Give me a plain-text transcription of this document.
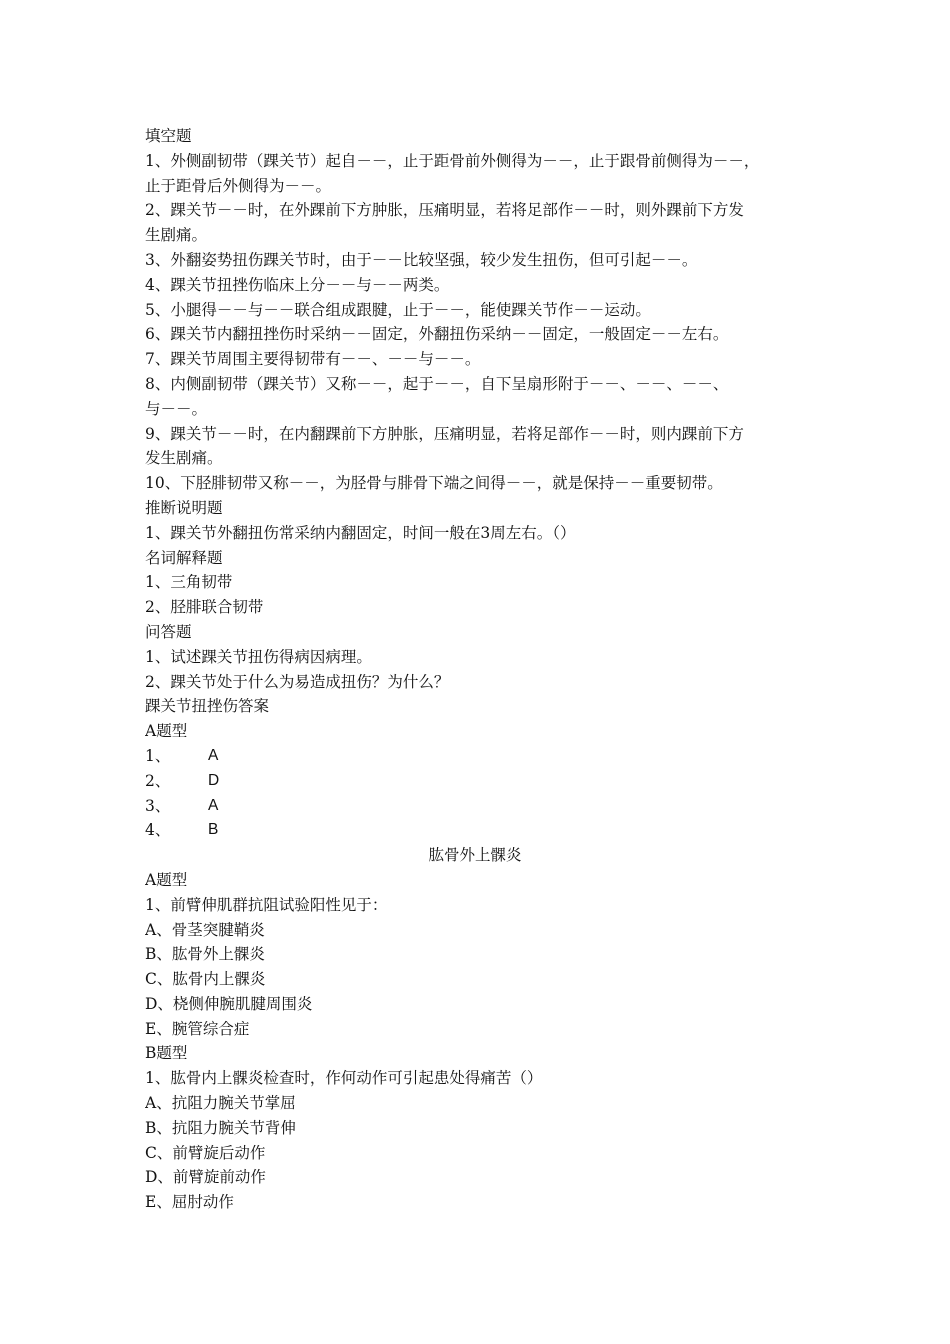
填空题
1、外侧副韧带（踝关节）起自－－，止于距骨前外侧得为－－，止于跟骨前侧得为－－，
止于距骨后外侧得为－－。
2、踝关节－－时，在外踝前下方肿胀，压痛明显，若将足部作－－时，则外踝前下方发
生剧痛。
3、外翻姿势扭伤踝关节时，由于－－比较坚强，较少发生扭伤，但可引起－－。
4、踝关节扭挫伤临床上分－－与－－两类。
5、小腿得－－与－－联合组成跟腱，止于－－，能使踝关节作－－运动。
6、踝关节内翻扭挫伤时采纳－－固定，外翻扭伤采纳－－固定，一般固定－－左右。
7、踝关节周围主要得韧带有－－、－－与－－。
8、内侧副韧带（踝关节）又称－－，起于－－，自下呈扇形附于－－、－－、－－、
与－－。
9、踝关节－－时，在内翻踝前下方肿胀，压痛明显，若将足部作－－时，则内踝前下方
发生剧痛。
10、下胫腓韧带又称－－，为胫骨与腓骨下端之间得－－，就是保持－－重要韧带。
推断说明题
1、踝关节外翻扭伤常采纳内翻固定，时间一般在3周左右。（）
名词解释题
1、三角韧带
2、胫腓联合韧带
问答题
1、试述踝关节扭伤得病因病理。
2、踝关节处于什么为易造成扭伤？为什么？
踝关节扭挫伤答案
A题型
1、	A
2、	D
3、	A
4、	B
肱骨外上髁炎
A题型
1、前臂伸肌群抗阻试验阳性见于：
A、骨茎突腱鞘炎
B、肱骨外上髁炎
C、肱骨内上髁炎
D、桡侧伸腕肌腱周围炎
E、腕管综合症
B题型
1、肱骨内上髁炎检查时，作何动作可引起患处得痛苦（）
A、抗阻力腕关节掌屈
B、抗阻力腕关节背伸
C、前臂旋后动作
D、前臂旋前动作
E、屈肘动作
